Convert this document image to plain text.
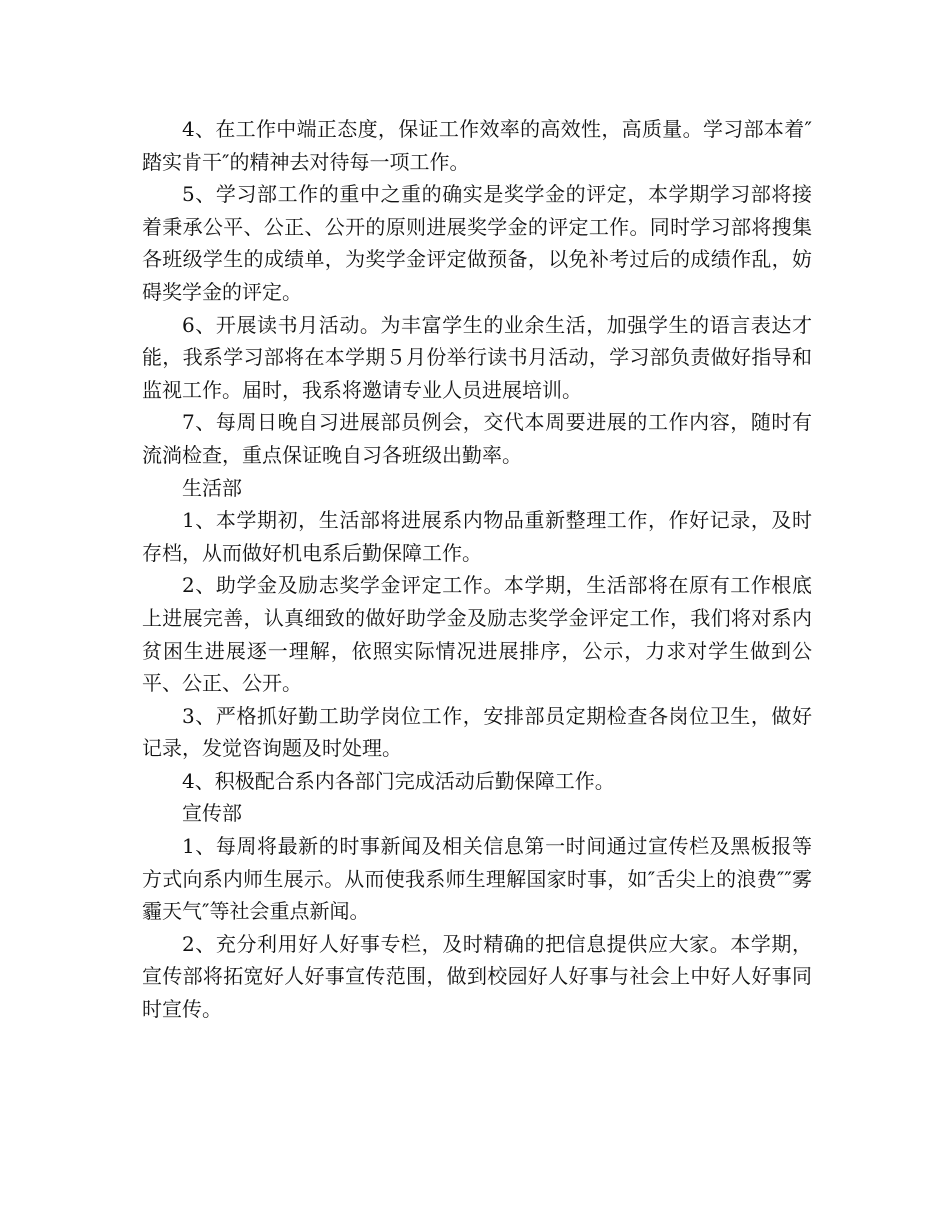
4、在工作中端正态度，保证工作效率的高效性，高质量。学习部本着″踏实肯干″的精神去对待每一项工作。

5、学习部工作的重中之重的确实是奖学金的评定，本学期学习部将接着秉承公平、公正、公开的原则进展奖学金的评定工作。同时学习部将搜集各班级学生的成绩单，为奖学金评定做预备，以免补考过后的成绩作乱，妨碍奖学金的评定。

6、开展读书月活动。为丰富学生的业余生活，加强学生的语言表达才能，我系学习部将在本学期５月份举行读书月活动，学习部负责做好指导和监视工作。届时，我系将邀请专业人员进展培训。

7、每周日晚自习进展部员例会，交代本周要进展的工作内容，随时有流淌检查，重点保证晚自习各班级出勤率。

生活部

1、本学期初，生活部将进展系内物品重新整理工作，作好记录，及时存档，从而做好机电系后勤保障工作。

2、助学金及励志奖学金评定工作。本学期，生活部将在原有工作根底上进展完善，认真细致的做好助学金及励志奖学金评定工作，我们将对系内贫困生进展逐一理解，依照实际情况进展排序，公示，力求对学生做到公平、公正、公开。

3、严格抓好勤工助学岗位工作，安排部员定期检查各岗位卫生，做好记录，发觉咨询题及时处理。

4、积极配合系内各部门完成活动后勤保障工作。

宣传部

1、每周将最新的时事新闻及相关信息第一时间通过宣传栏及黑板报等方式向系内师生展示。从而使我系师生理解国家时事，如″舌尖上的浪费″″雾霾天气″等社会重点新闻。

2、充分利用好人好事专栏，及时精确的把信息提供应大家。本学期，宣传部将拓宽好人好事宣传范围，做到校园好人好事与社会上中好人好事同时宣传。
